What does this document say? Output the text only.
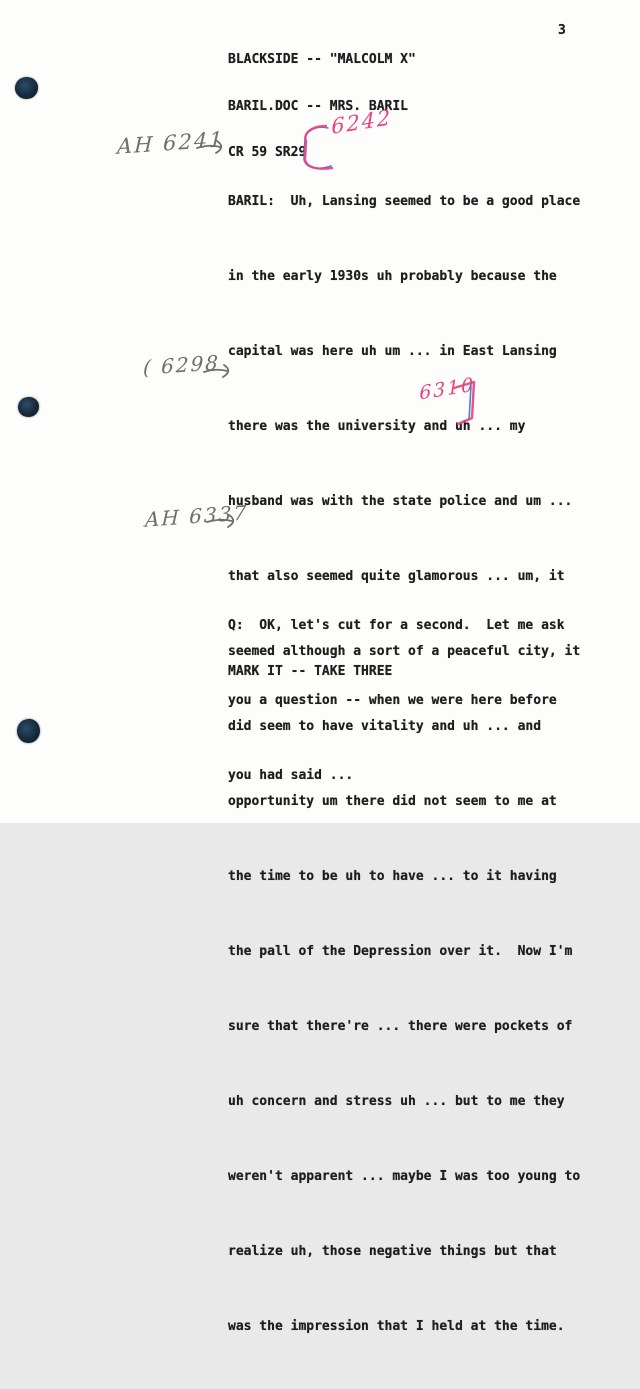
BLACKSIDE -- "MALCOLM X"

BARIL.DOC -- MRS. BARIL

CR 59 SR29

3

BARIL:  Uh, Lansing seemed to be a good place

in the early 1930s uh probably because the

capital was here uh um ... in East Lansing

there was the university and uh ... my

husband was with the state police and um ...

that also seemed quite glamorous ... um, it

seemed although a sort of a peaceful city, it

did seem to have vitality and uh ... and

opportunity um there did not seem to me at

the time to be uh to have ... to it having

the pall of the Depression over it.  Now I'm

sure that there're ... there were pockets of

uh concern and stress uh ... but to me they

weren't apparent ... maybe I was too young to

realize uh, those negative things but that

was the impression that I held at the time.

Q:  OK, let's cut for a second.  Let me ask

you a question -- when we were here before

you had said ...

MARK IT -- TAKE THREE
AH 6241
( 6298
AH 6337
6242
6310
